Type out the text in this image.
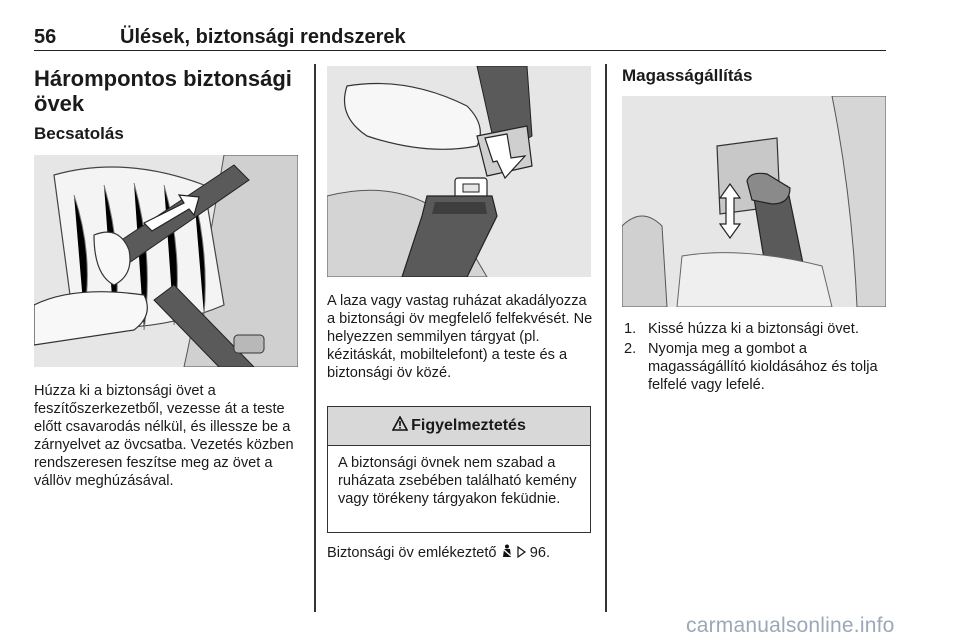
56	Ülések, biztonsági rendszerek
Hárompontos biztonsági övek
Becsatolás

Húzza ki a biztonsági övet a feszítőszerkezetből, vezesse át a teste előtt csavarodás nélkül, és illessze be a zárnyelvet az övcsatba. Vezetés közben rendszeresen feszítse meg az övet a vállöv meghúzásával.

A laza vagy vastag ruházat akadályozza a biztonsági öv megfelelő felfekvését. Ne helyezzen semmilyen tárgyat (pl. kézitáskát, mobiltelefont) a teste és a biztonsági öv közé.

Figyelmeztetés
A biztonsági övnek nem szabad a ruházata zsebében található kemény vagy törékeny tárgyakon feküdnie.

Biztonsági öv emlékeztető 96.

Magasságállítás
1. Kissé húzza ki a biztonsági övet.
2. Nyomja meg a gombot a magasságállító kioldásához és tolja felfelé vagy lefelé.
carmanualsonline.info
